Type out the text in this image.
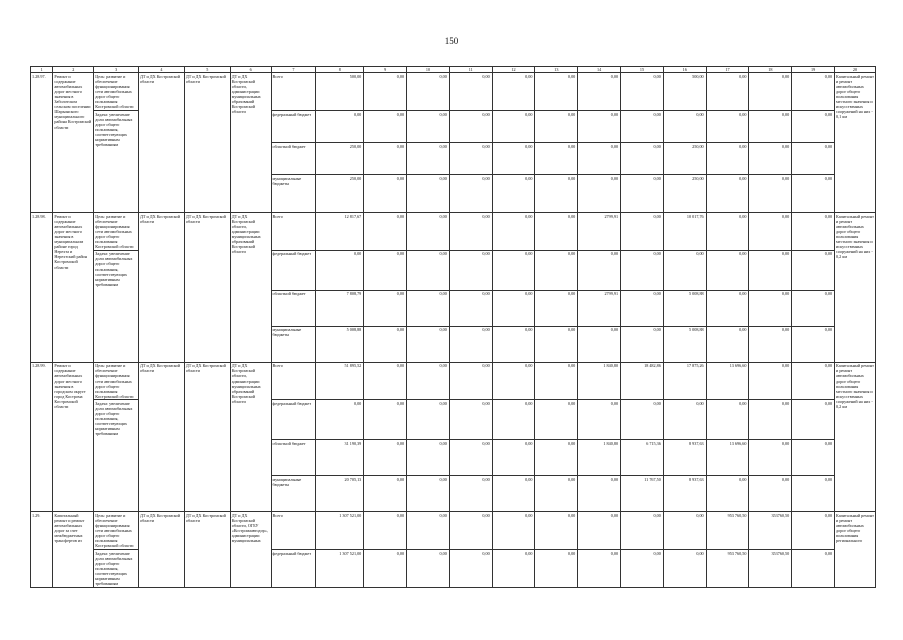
150
1	2	3	4	5	6	7	8	9	10	11	12	13	14	15	16	17	18	19	20
1.28.97.	Ремонт и содержание автомобильных дорог местного значения в Заболотском сельском поселении Шарьинского муниципального района Костромской области	Цель: развитие и обеспечение функционирования сети автомобильных дорог общего пользования Костромской области	ДТ и ДХ Костромской области	ДТ и ДХ Костромской области	ДТ и ДХ Костромской области, администрации муниципальных образований Костромской области	Всего	500,00	0,00	0,00	0,00	0,00	0,00	0,00	0,00	500,00	0,00	0,00	0,00	Капитальный ремонт и ремонт автомобильных дорог общего пользования местного значения и искусственных сооружений на них - 0,1 км
		Задача: увеличение доли автомобильных дорог общего пользования, соответствующих нормативным требованиям				федеральный бюджет	0,00	0,00	0,00	0,00	0,00	0,00	0,00	0,00	0,00	0,00	0,00	0,00	
						областной бюджет	250,00	0,00	0,00	0,00	0,00	0,00	0,00	0,00	250,00	0,00	0,00	0,00	
						муниципальные бюджеты	250,00	0,00	0,00	0,00	0,00	0,00	0,00	0,00	250,00	0,00	0,00	0,00	
1.28.98.	Ремонт и содержание автомобильных дорог местного значения в муниципальном районе город Нерехта и Нерехтский район Костромской области	Цель: развитие и обеспечение функционирования сети автомобильных дорог общего пользования Костромской области	ДТ и ДХ Костромской области	ДТ и ДХ Костромской области	ДТ и ДХ Костромской области, администрации муниципальных образований Костромской области	Всего	12 817,67	0,00	0,00	0,00	0,00	0,00	2799,91	0,00	10 017,76	0,00	0,00	0,00	Капитальный ремонт и ремонт автомобильных дорог общего пользования местного значения и искусственных сооружений на них - 0,2 км
		Задача: увеличение доли автомобильных дорог общего пользования, соответствующих нормативным требованиям				федеральный бюджет	0,00	0,00	0,00	0,00	0,00	0,00	0,00	0,00	0,00	0,00	0,00	0,00	
						областной бюджет	7 808,79	0,00	0,00	0,00	0,00	0,00	2799,91	0,00	5 008,88	0,00	0,00	0,00	
						муниципальные бюджеты	5 008,88	0,00	0,00	0,00	0,00	0,00	0,00	0,00	5 008,88	0,00	0,00	0,00	
1.28.99.	Ремонт и содержание автомобильных дорог местного значения в городском округе город Кострома Костромской области	Цель: развитие и обеспечение функционирования сети автомобильных дорог общего пользования Костромской области	ДТ и ДХ Костромской области	ДТ и ДХ Костромской области	ДТ и ДХ Костромской области, администрации муниципальных образований Костромской области	Всего	51 895,52	0,00	0,00	0,00	0,00	0,00	1 840,80	18 482,86	17 875,26	13 696,60	0,00	0,00	Капитальный ремонт и ремонт автомобильных дорог общего пользования местного значения и искусственных сооружений на них - 0,2 км
		Задача: увеличение доли автомобильных дорог общего пользования, соответствующих нормативным требованиям				федеральный бюджет	0,00	0,00	0,00	0,00	0,00	0,00	0,00	0,00	0,00	0,00	0,00	0,00	
						областной бюджет	31 190,39	0,00	0,00	0,00	0,00	0,00	1 840,80	6 715,36	8 937,63	13 696,60	0,00	0,00	
						муниципальные бюджеты	20 705,13	0,00	0,00	0,00	0,00	0,00	0,00	11 767,50	8 937,63	0,00	0,00	0,00	
1.29.	Капитальный ремонт и ремонт автомобильных дорог за счет межбюджетных трансфертов из	Цель: развитие и обеспечение функционирования сети автомобильных дорог общего пользования Костромской области	ДТ и ДХ Костромской области	ДТ и ДХ Костромской области	ДТ и ДХ Костромской области, ОГБУ «Костромаавтодор», администрации муниципальных	Всего	1 307 521,00	0,00	0,00	0,00	0,00	0,00	0,00	0,00	0,00	953 760,50	353760,50	0,00	Капитальный ремонт и ремонт автомобильных дорог общего пользования регионального
		Задача: увеличение доли автомобильных дорог общего пользования, соответствующих нормативным требованиям				федеральный бюджет	1 307 521,00	0,00	0,00	0,00	0,00	0,00	0,00	0,00	0,00	953 760,50	353760,50	0,00	
